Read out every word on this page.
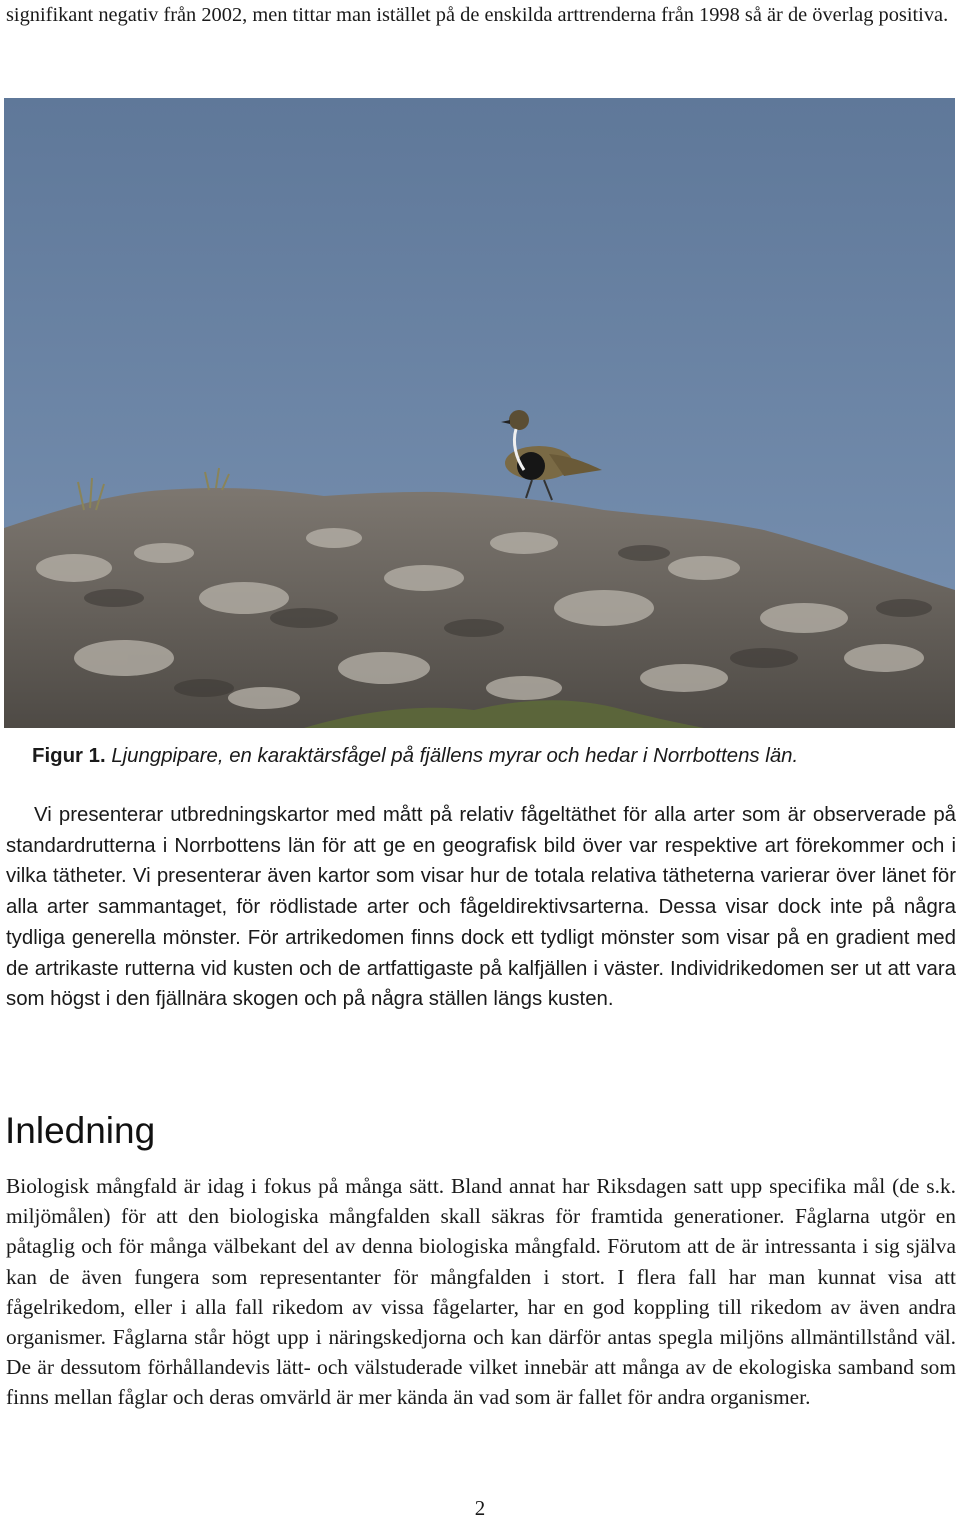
signifikant negativ från 2002, men tittar man istället på de enskilda arttrenderna från 1998 så är de överlag positiva.

Figur 1. Ljungpipare, en karaktärsfågel på fjällens myrar och hedar i Norrbottens län.

Vi presenterar utbredningskartor med mått på relativ fågeltäthet för alla arter som är observerade på standardrutterna i Norrbottens län för att ge en geografisk bild över var respektive art förekommer och i vilka tätheter. Vi presenterar även kartor som visar hur de totala relativa tätheterna varierar över länet för alla arter sammantaget, för rödlistade arter och fågeldirektivsarterna. Dessa visar dock inte på några tydliga generella mönster. För artrikedomen finns dock ett tydligt mönster som visar på en gradient med de artrikaste rutterna vid kusten och de artfattigaste på kalfjällen i väster. Individrikedomen ser ut att vara som högst i den fjällnära skogen och på några ställen längs kusten.

Inledning

Biologisk mångfald är idag i fokus på många sätt. Bland annat har Riksdagen satt upp specifika mål (de s.k. miljömålen) för att den biologiska mångfalden skall säkras för framtida generationer. Fåglarna utgör en påtaglig och för många välbekant del av denna biologiska mångfald. Förutom att de är intressanta i sig själva kan de även fungera som representanter för mångfalden i stort. I flera fall har man kunnat visa att fågelrikedom, eller i alla fall rikedom av vissa fågelarter, har en god koppling till rikedom av även andra organismer. Fåglarna står högt upp i näringskedjorna och kan därför antas spegla miljöns allmäntillstånd väl. De är dessutom förhållandevis lätt- och välstuderade vilket innebär att många av de ekologiska samband som finns mellan fåglar och deras omvärld är mer kända än vad som är fallet för andra organismer.

2
